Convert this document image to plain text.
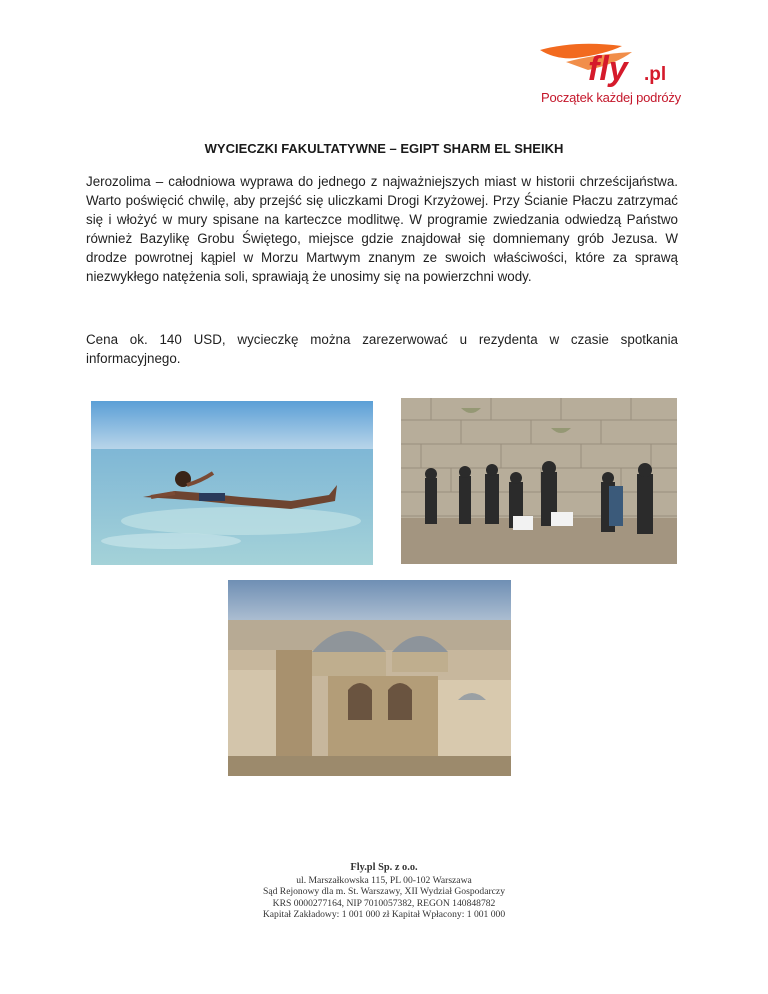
fly .pl
Początek każdej podróży
WYCIECZKI FAKULTATYWNE – EGIPT SHARM EL SHEIKH
Jerozolima – całodniowa wyprawa do jednego z najważniejszych miast w historii chrześcijaństwa. Warto poświęcić chwilę, aby przejść się uliczkami Drogi Krzyżowej. Przy Ścianie Płaczu zatrzymać się i włożyć w mury spisane na karteczce modlitwę. W programie zwiedzania odwiedzą Państwo również Bazylikę Grobu Świętego, miejsce gdzie znajdował się domniemany grób Jezusa. W drodze powrotnej kąpiel w Morzu Martwym znanym ze swoich właściwości, które za sprawą niezwykłego natężenia soli, sprawiają że unosimy się na powierzchni wody.
Cena ok. 140 USD, wycieczkę można zarezerwować u rezydenta w czasie spotkania informacyjnego.
Fly.pl Sp. z o.o.
ul. Marszałkowska 115, PL 00-102 Warszawa
Sąd Rejonowy dla m. St. Warszawy, XII Wydział Gospodarczy
KRS 0000277164, NIP 7010057382, REGON 140848782
Kapitał Zakładowy: 1 001 000 zł Kapitał Wpłacony: 1 001 000
